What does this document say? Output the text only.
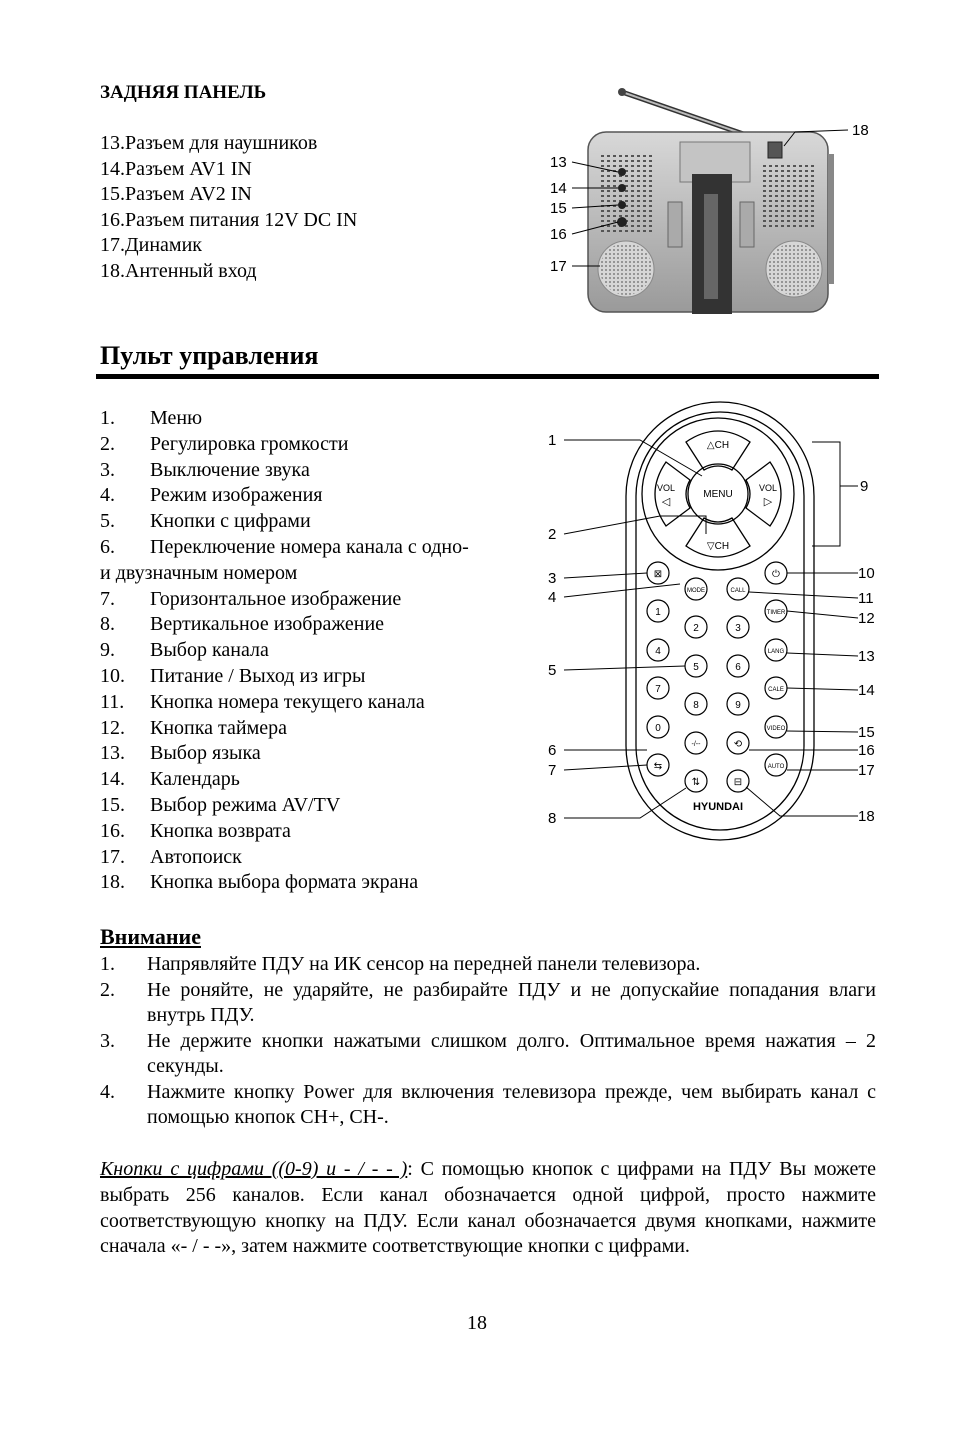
ЗАДНЯЯ ПАНЕЛЬ
13.Разъем для наушников
14.Разъем AV1 IN
15.Разъем AV2 IN
16.Разъем питания 12V DC IN
17.Динамик
18.Антенный вход
13
14
15
16
17
18
Пульт управления
1.	Меню
2.	Регулировка громкости
3.	Выключение звука
4.	Режим изображения
5.	Кнопки с цифрами
6.	Переключение номера канала с одно-
и двузначным номером
7.	Горизонтальное изображение
8.	Вертикальное изображение
9.	Выбор канала
10.	Питание / Выход из игры
11.	Кнопка номера текущего канала
12.	Кнопка таймера
13.	Выбор языка
14.	Календарь
15.	Выбор режима AV/TV
16.	Кнопка возврата
17.	Автопоиск
18.	Кнопка выбора формата экрана
△CH
▽CH
MENU
VOL
◁
VOL
▷
⊠
MODE	CALL
⏻
1
2	3
TIMER
4
5	6
LANG
7
8	9
CALE
0	VIDEO
-/--	⟲
⇆	AUTO
⇅	⊟
HYUNDAI
1
2
3
4
5
6
7
8
9
10
11
12
13
14
15
16
17
18
Внимание
1.	Напрявляйте ПДУ на ИК сенсор на передней панели телевизора.
2.	Не роняйте, не ударяйте, не разбирайте ПДУ и не допускайие попадания влаги внутрь ПДУ.
3.	Не держите кнопки нажатыми слишком долго. Оптимальное время нажатия – 2 секунды.
4.	Нажмите кнопку Power для включения телевизора прежде, чем выбирать канал с помощью кнопок CH+, CH-.

Кнопки с цифрами ((0-9) и - / - - ): С помощью кнопок с цифрами на ПДУ Вы можете выбрать 256 каналов. Если канал обозначается одной цифрой, просто нажмите соответствующую кнопку на ПДУ. Если канал обозначается двумя кнопками, нажмите сначала «- / - -», затем нажмите соответствующие кнопки с цифрами.

18
